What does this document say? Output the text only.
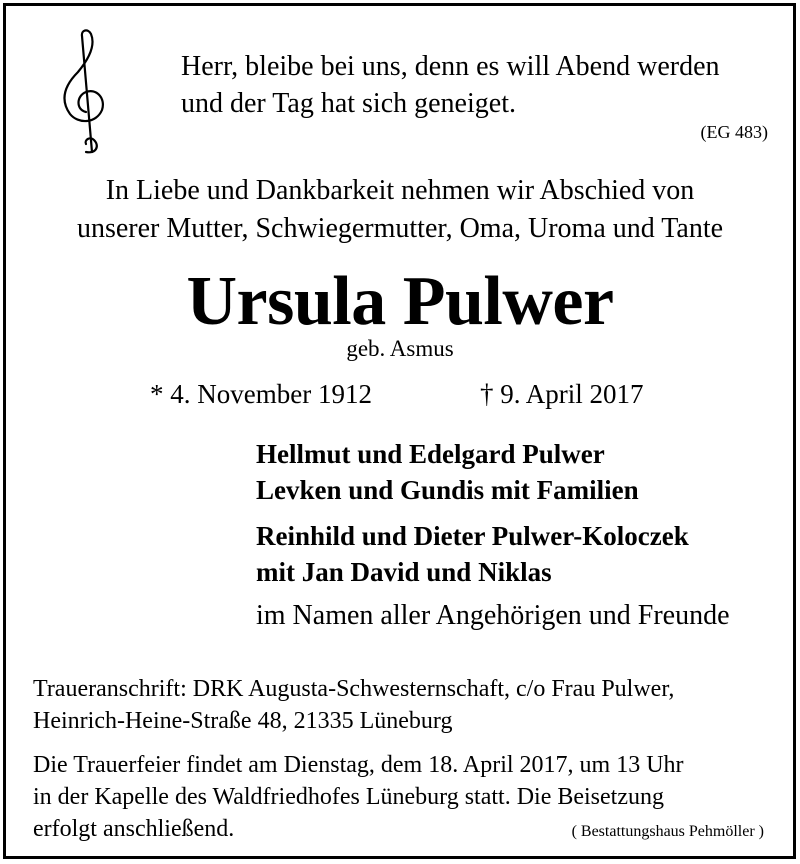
Herr, bleibe bei uns, denn es will Abend werden
und der Tag hat sich geneiget.
(EG 483)
In Liebe und Dankbarkeit nehmen wir Abschied von
unserer Mutter, Schwiegermutter, Oma, Uroma und Tante
Ursula Pulwer
geb. Asmus
* 4. November 1912	† 9. April 2017
Hellmut und Edelgard Pulwer
Levken und Gundis mit Familien
Reinhild und Dieter Pulwer-Koloczek
mit Jan David und Niklas
im Namen aller Angehörigen und Freunde
Traueranschrift: DRK Augusta-Schwesternschaft, c/o Frau Pulwer,
Heinrich-Heine-Straße 48, 21335 Lüneburg
Die Trauerfeier findet am Dienstag, dem 18. April 2017, um 13 Uhr
in der Kapelle des Waldfriedhofes Lüneburg statt. Die Beisetzung
erfolgt anschließend.	( Bestattungshaus Pehmöller )
